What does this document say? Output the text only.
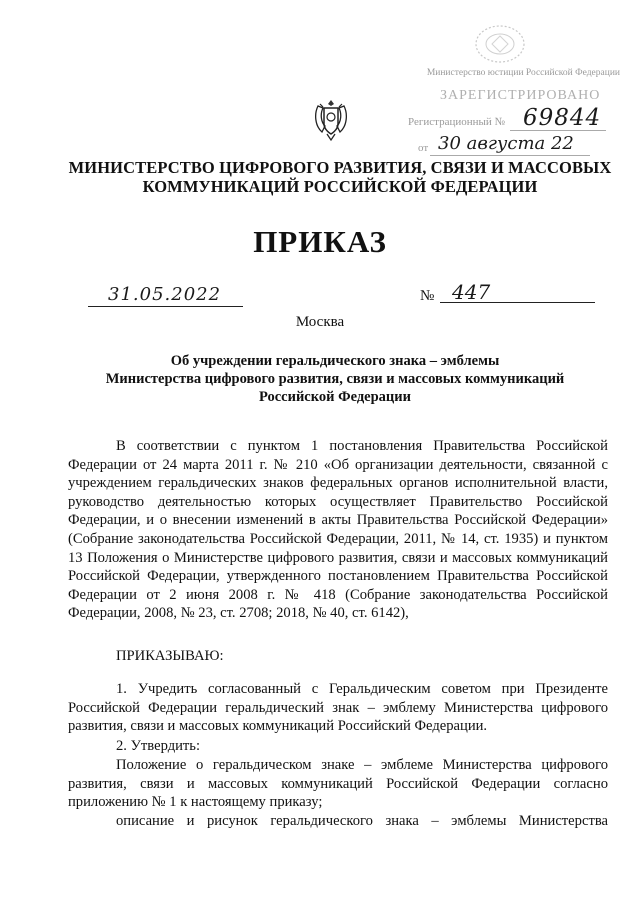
Министерство юстиции Российской Федерации
ЗАРЕГИСТРИРОВАНО
Регистрационный № 69844
от 30 августа 22
МИНИСТЕРСТВО ЦИФРОВОГО РАЗВИТИЯ, СВЯЗИ И МАССОВЫХ
КОММУНИКАЦИЙ РОССИЙСКОЙ ФЕДЕРАЦИИ
ПРИКАЗ
31.05.2022	№ 447
Москва
Об учреждении геральдического знака – эмблемы
Министерства цифрового развития, связи и массовых коммуникаций
Российской Федерации
В соответствии с пунктом 1 постановления Правительства Российской Федерации от 24 марта 2011 г. № 210 «Об организации деятельности, связанной с учреждением геральдических знаков федеральных органов исполнительной власти, руководство деятельностью которых осуществляет Правительство Российской Федерации, и о внесении изменений в акты Правительства Российской Федерации» (Собрание законодательства Российской Федерации, 2011, № 14, ст. 1935) и пунктом 13 Положения о Министерстве цифрового развития, связи и массовых коммуникаций Российской Федерации, утвержденного постановлением Правительства Российской Федерации от 2 июня 2008 г. № 418 (Собрание законодательства Российской Федерации, 2008, № 23, ст. 2708; 2018, № 40, ст. 6142),
ПРИКАЗЫВАЮ:
1. Учредить согласованный с Геральдическим советом при Президенте Российской Федерации геральдический знак – эмблему Министерства цифрового развития, связи и массовых коммуникаций Российский Федерации.
2. Утвердить:
Положение о геральдическом знаке – эмблеме Министерства цифрового развития, связи и массовых коммуникаций Российской Федерации согласно приложению № 1 к настоящему приказу;
описание и рисунок геральдического знака – эмблемы Министерства
